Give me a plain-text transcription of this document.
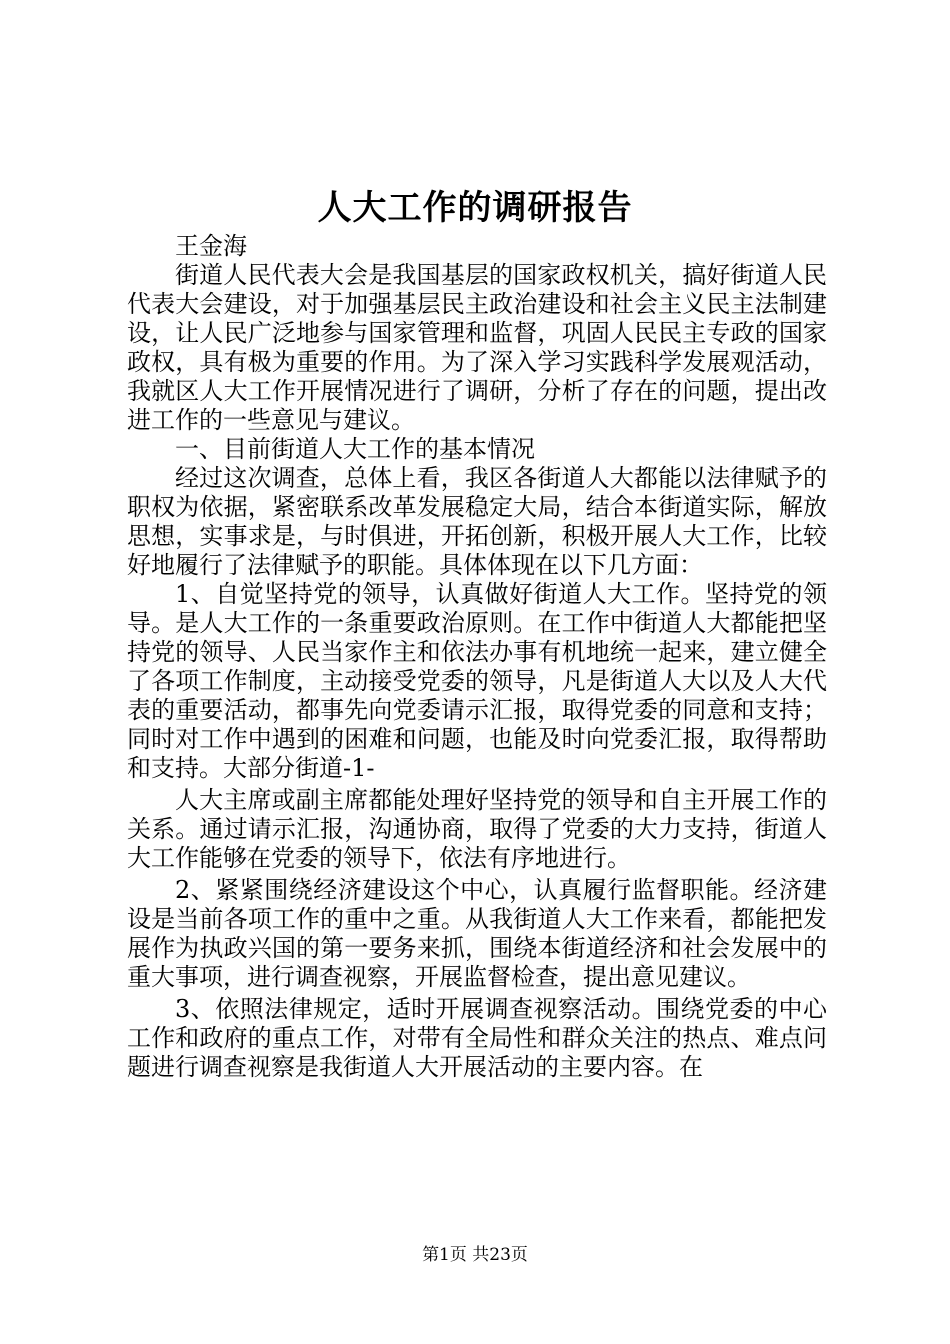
人大工作的调研报告

王金海

街道人民代表大会是我国基层的国家政权机关，搞好街道人民代表大会建设，对于加强基层民主政治建设和社会主义民主法制建设，让人民广泛地参与国家管理和监督，巩固人民民主专政的国家政权，具有极为重要的作用。为了深入学习实践科学发展观活动，我就区人大工作开展情况进行了调研，分析了存在的问题，提出改进工作的一些意见与建议。

一、目前街道人大工作的基本情况

经过这次调查，总体上看，我区各街道人大都能以法律赋予的职权为依据，紧密联系改革发展稳定大局，结合本街道实际，解放思想，实事求是，与时俱进，开拓创新，积极开展人大工作，比较好地履行了法律赋予的职能。具体体现在以下几方面：

1、自觉坚持党的领导，认真做好街道人大工作。坚持党的领导。是人大工作的一条重要政治原则。在工作中街道人大都能把坚持党的领导、人民当家作主和依法办事有机地统一起来，建立健全了各项工作制度，主动接受党委的领导，凡是街道人大以及人大代表的重要活动，都事先向党委请示汇报，取得党委的同意和支持；同时对工作中遇到的困难和问题，也能及时向党委汇报，取得帮助和支持。大部分街道-1-

人大主席或副主席都能处理好坚持党的领导和自主开展工作的关系。通过请示汇报，沟通协商，取得了党委的大力支持，街道人大工作能够在党委的领导下，依法有序地进行。

2、紧紧围绕经济建设这个中心，认真履行监督职能。经济建设是当前各项工作的重中之重。从我街道人大工作来看，都能把发展作为执政兴国的第一要务来抓，围绕本街道经济和社会发展中的重大事项，进行调查视察，开展监督检查，提出意见建议。

3、依照法律规定，适时开展调查视察活动。围绕党委的中心工作和政府的重点工作，对带有全局性和群众关注的热点、难点问题进行调查视察是我街道人大开展活动的主要内容。在

第1页 共23页
